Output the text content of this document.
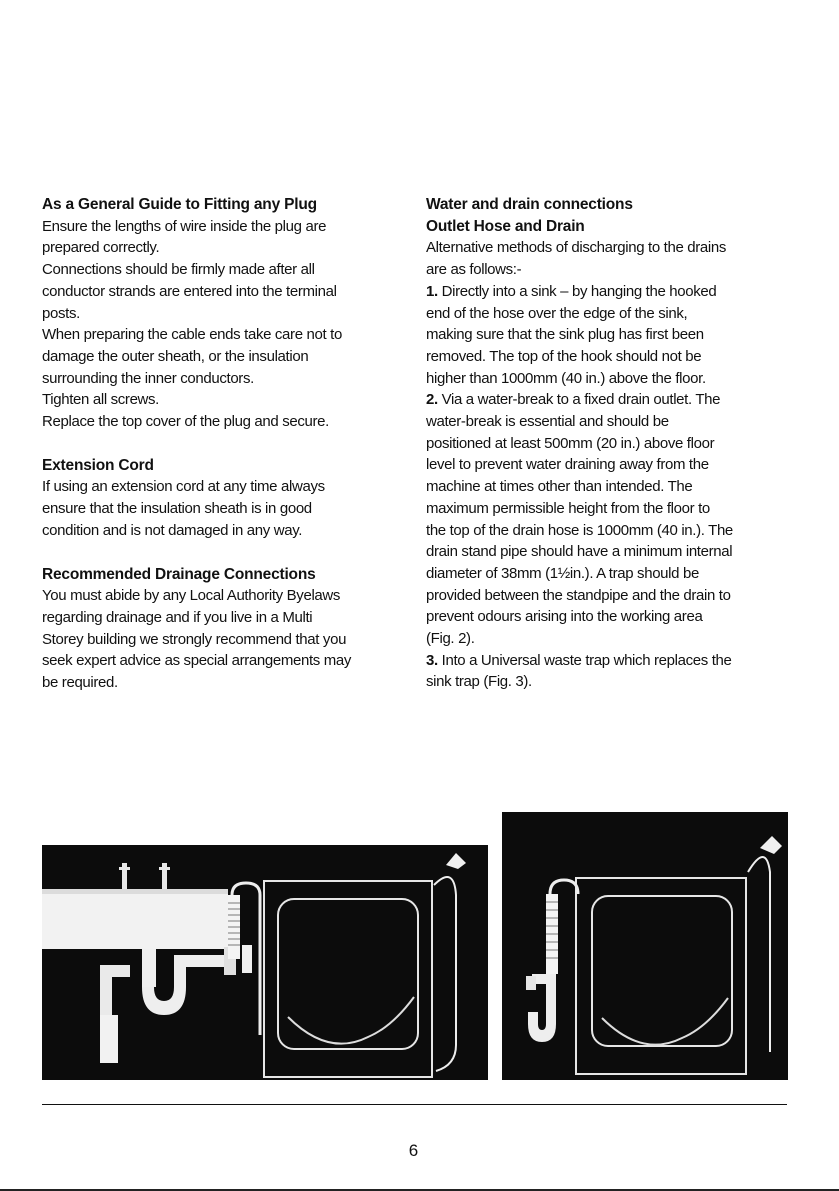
As a General Guide to Fitting any Plug

Ensure the lengths of wire inside the plug are

prepared correctly.

Connections should be firmly made after all

conductor strands are entered into the terminal

posts.

When preparing the cable ends take care not to

damage the outer sheath, or the insulation

surrounding the inner conductors.

Tighten all screws.

Replace the top cover of the plug and secure.

Extension Cord

If using an extension cord at any time always

ensure that the insulation sheath is in good

condition and is not damaged in any way.

Recommended Drainage Connections

You must abide by any Local Authority Byelaws

regarding drainage and if you live in a Multi

Storey building we strongly recommend that you

seek expert advice as special arrangements may

be required.

Water and drain connections
Outlet Hose and Drain

Alternative methods of discharging to the drains

are as follows:-

1. Directly into a sink – by hanging the hooked

end of the hose over the edge of the sink,

making sure that the sink plug has first been

removed. The top of the hook should not be

higher than 1000mm (40 in.) above the floor.

2. Via a water-break to a fixed drain outlet. The

water-break is essential and should be

positioned at least 500mm (20 in.) above floor

level to prevent water draining away from the

machine at times other than intended. The

maximum permissible height from the floor to

the top of the drain hose is 1000mm (40 in.). The

drain stand pipe should have a minimum internal

diameter of 38mm (1½in.). A trap should be

provided between the standpipe and the drain to

prevent odours arising into the working area

(Fig. 2).

3. Into a Universal waste trap which replaces the

sink trap (Fig. 3).

6
